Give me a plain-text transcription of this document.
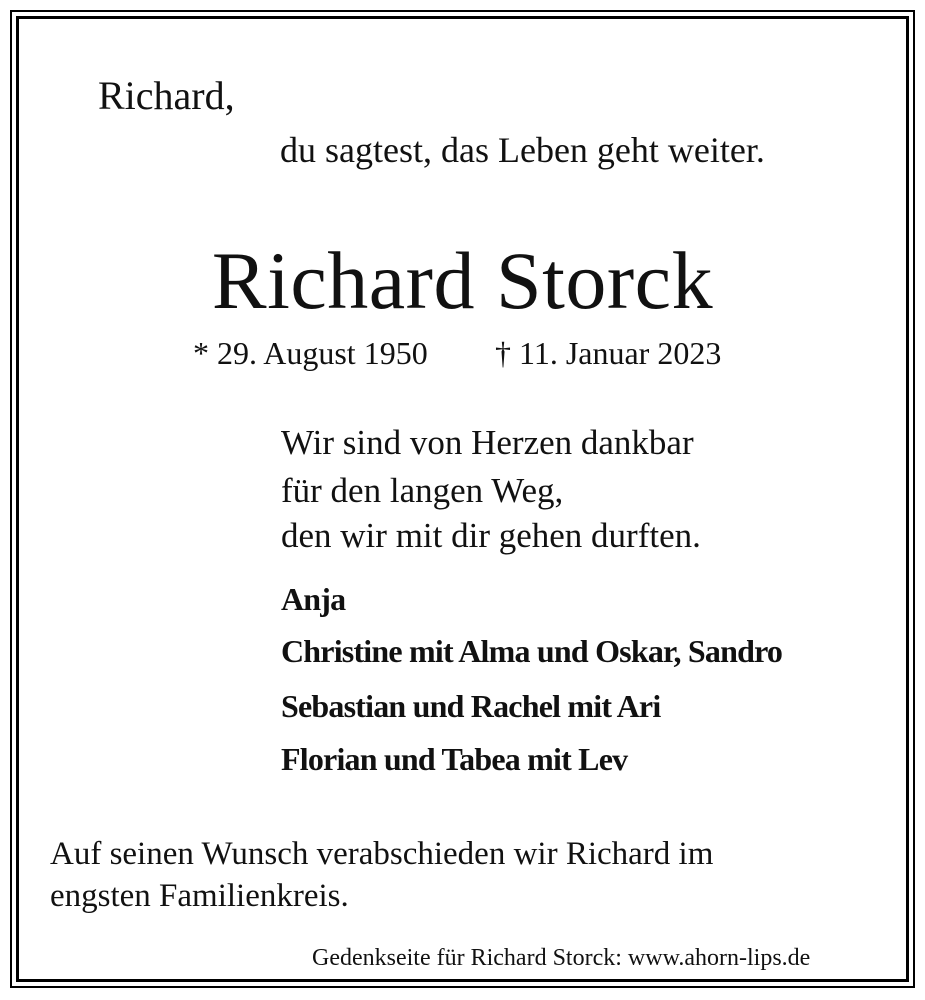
Richard,
du sagtest, das Leben geht weiter.
Richard Storck
* 29. August 1950 † 11. Januar 2023
Wir sind von Herzen dankbar
für den langen Weg,
den wir mit dir gehen durften.
Anja
Christine mit Alma und Oskar, Sandro
Sebastian und Rachel mit Ari
Florian und Tabea mit Lev
Auf seinen Wunsch verabschieden wir Richard im
engsten Familienkreis.
Gedenkseite für Richard Storck: www.ahorn-lips.de
